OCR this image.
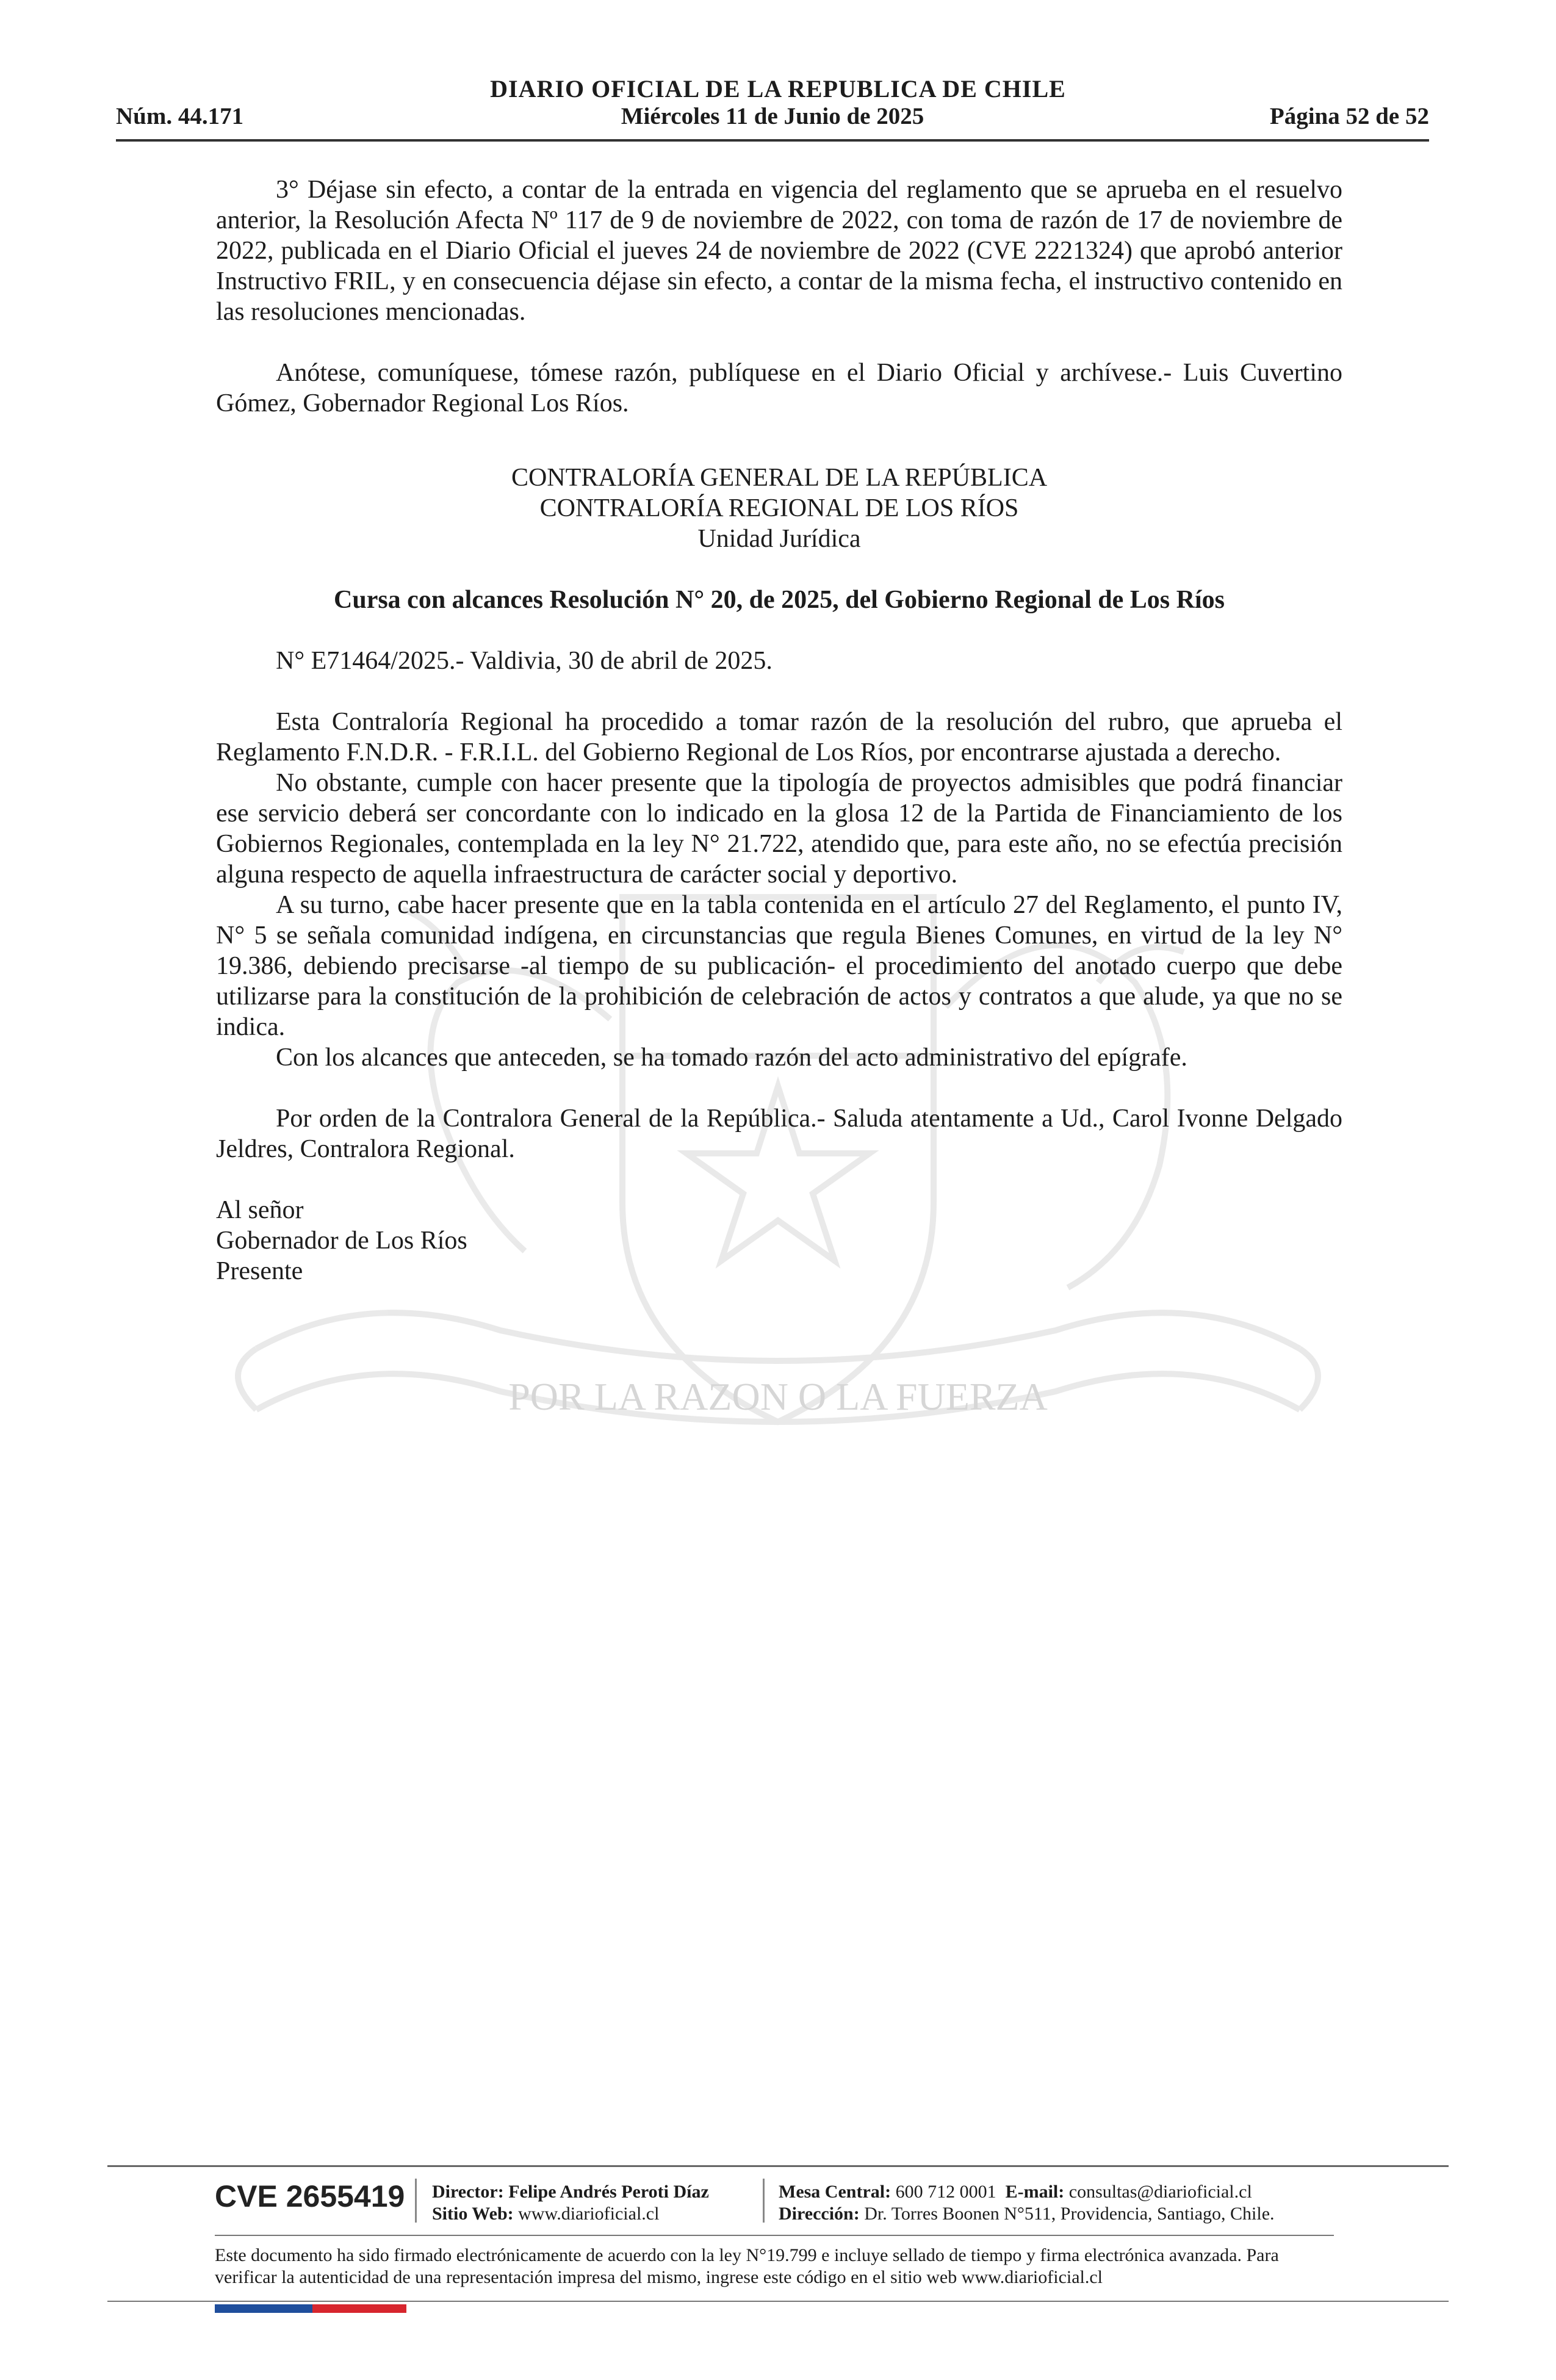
DIARIO OFICIAL DE LA REPUBLICA DE CHILE
Miércoles 11 de Junio de 2025
Núm. 44.171	Página 52 de 52
POR LA RAZON O LA FUERZA

3° Déjase sin efecto, a contar de la entrada en vigencia del reglamento que se aprueba en el resuelvo anterior, la Resolución Afecta Nº 117 de 9 de noviembre de 2022, con toma de razón de 17 de noviembre de 2022, publicada en el Diario Oficial el jueves 24 de noviembre de 2022 (CVE 2221324) que aprobó anterior Instructivo FRIL, y en consecuencia déjase sin efecto, a contar de la misma fecha, el instructivo contenido en las resoluciones mencionadas.

Anótese, comuníquese, tómese razón, publíquese en el Diario Oficial y archívese.- Luis Cuvertino Gómez, Gobernador Regional Los Ríos.

CONTRALORÍA GENERAL DE LA REPÚBLICA

CONTRALORÍA REGIONAL DE LOS RÍOS

Unidad Jurídica

Cursa con alcances Resolución N° 20, de 2025, del Gobierno Regional de Los Ríos

N° E71464/2025.- Valdivia, 30 de abril de 2025.

Esta Contraloría Regional ha procedido a tomar razón de la resolución del rubro, que aprueba el Reglamento F.N.D.R. - F.R.I.L. del Gobierno Regional de Los Ríos, por encontrarse ajustada a derecho.

No obstante, cumple con hacer presente que la tipología de proyectos admisibles que podrá financiar ese servicio deberá ser concordante con lo indicado en la glosa 12 de la Partida de Financiamiento de los Gobiernos Regionales, contemplada en la ley N° 21.722, atendido que, para este año, no se efectúa precisión alguna respecto de aquella infraestructura de carácter social y deportivo.

A su turno, cabe hacer presente que en la tabla contenida en el artículo 27 del Reglamento, el punto IV, N° 5 se señala comunidad indígena, en circunstancias que regula Bienes Comunes, en virtud de la ley N° 19.386, debiendo precisarse -al tiempo de su publicación- el procedimiento del anotado cuerpo que debe utilizarse para la constitución de la prohibición de celebración de actos y contratos a que alude, ya que no se indica.

Con los alcances que anteceden, se ha tomado razón del acto administrativo del epígrafe.

Por orden de la Contralora General de la República.- Saluda atentamente a Ud., Carol Ivonne Delgado Jeldres, Contralora Regional.

Al señor

Gobernador de Los Ríos

Presente

CVE 2655419 Director: Felipe Andrés Peroti Díaz
Sitio Web: www.diarioficial.cl
Mesa Central: 600 712 0001 E-mail: consultas@diarioficial.cl
Dirección: Dr. Torres Boonen N°511, Providencia, Santiago, Chile.
Este documento ha sido firmado electrónicamente de acuerdo con la ley N°19.799 e incluye sellado de tiempo y firma electrónica avanzada. Para verificar la autenticidad de una representación impresa del mismo, ingrese este código en el sitio web www.diarioficial.cl
